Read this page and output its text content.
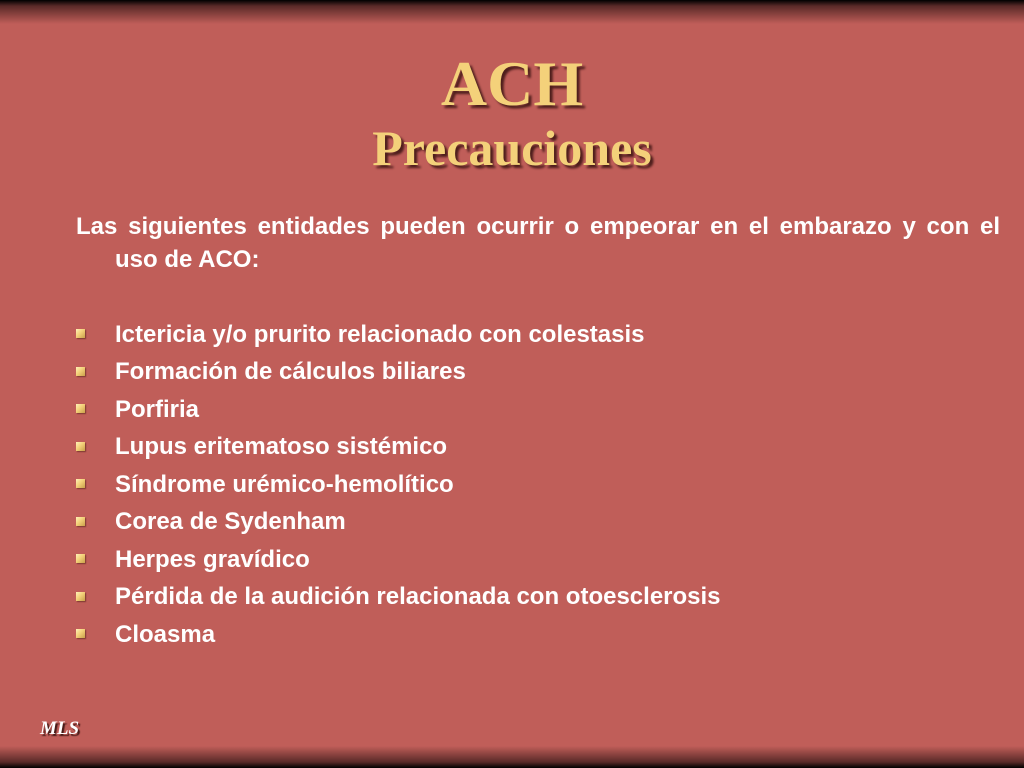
ACH
Precauciones

Las siguientes entidades pueden ocurrir o empeorar en el embarazo y con el uso de ACO:

Ictericia y/o prurito relacionado con colestasis
Formación de cálculos biliares
Porfiria
Lupus eritematoso sistémico
Síndrome urémico-hemolítico
Corea de Sydenham
Herpes gravídico
Pérdida de la audición relacionada con otoesclerosis
Cloasma
MLS
